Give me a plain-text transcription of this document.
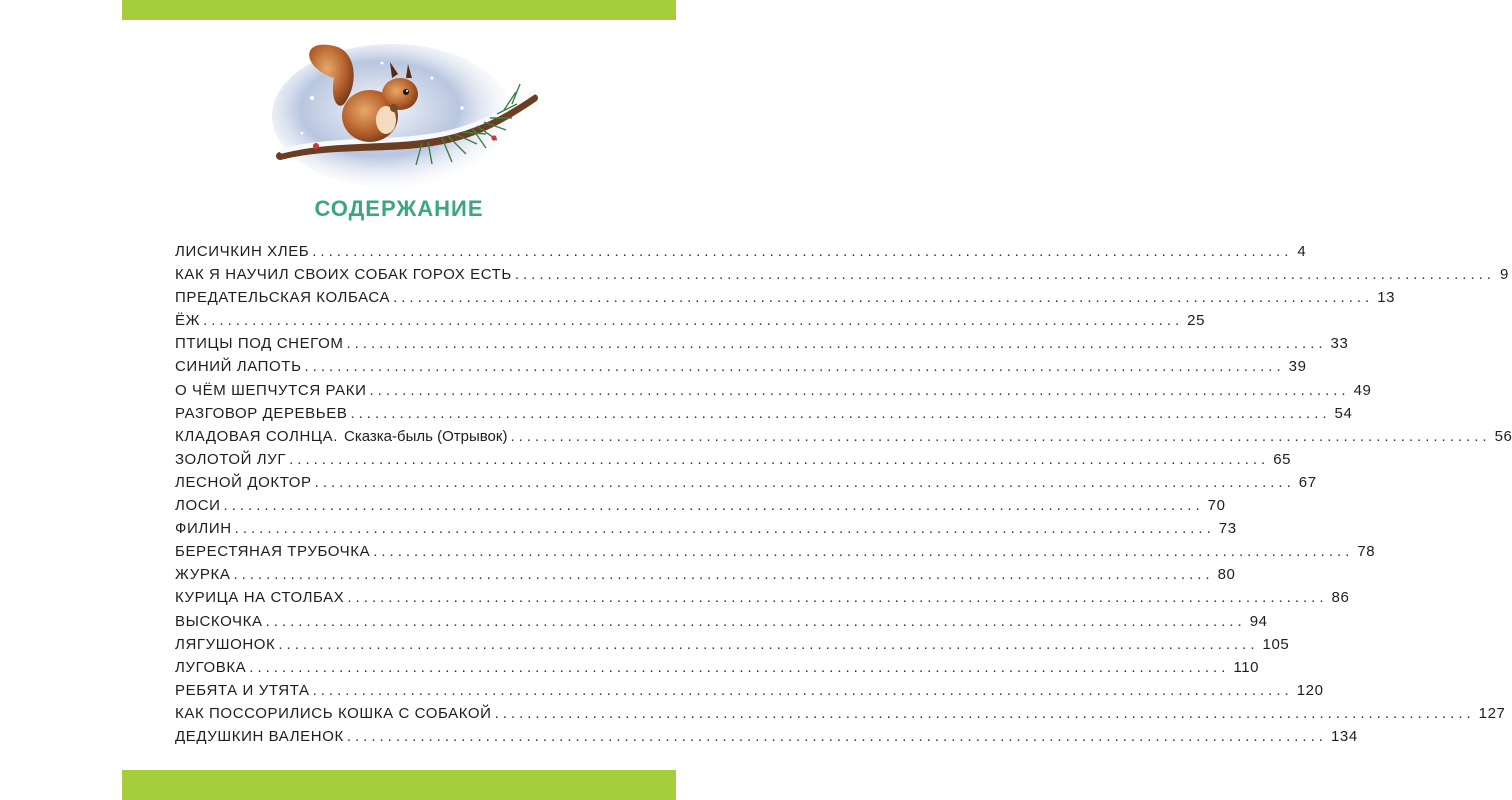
СОДЕРЖАНИЕ
ЛИСИЧКИН ХЛЕБ ........................................................................................................................ 4
КАК Я НАУЧИЛ СВОИХ СОБАК ГОРОХ ЕСТЬ ........................................................................................................................ 9
ПРЕДАТЕЛЬСКАЯ КОЛБАСА ........................................................................................................................ 13
ЁЖ ........................................................................................................................ 25
ПТИЦЫ ПОД СНЕГОМ ........................................................................................................................ 33
СИНИЙ ЛАПОТЬ ........................................................................................................................ 39
О ЧЁМ ШЕПЧУТСЯ РАКИ ........................................................................................................................ 49
РАЗГОВОР ДЕРЕВЬЕВ ........................................................................................................................ 54
КЛАДОВАЯ СОЛНЦА. Сказка-быль (Отрывок) ........................................................................................................................ 56
ЗОЛОТОЙ ЛУГ ........................................................................................................................ 65
ЛЕСНОЙ ДОКТОР ........................................................................................................................ 67
ЛОСИ ........................................................................................................................ 70
ФИЛИН ........................................................................................................................ 73
БЕРЕСТЯНАЯ ТРУБОЧКА ........................................................................................................................ 78
ЖУРКА ........................................................................................................................ 80
КУРИЦА НА СТОЛБАХ ........................................................................................................................ 86
ВЫСКОЧКА ........................................................................................................................ 94
ЛЯГУШОНОК ........................................................................................................................ 105
ЛУГОВКА ........................................................................................................................ 110
РЕБЯТА И УТЯТА ........................................................................................................................ 120
КАК ПОССОРИЛИСЬ КОШКА С СОБАКОЙ ........................................................................................................................ 127
ДЕДУШКИН ВАЛЕНОК ........................................................................................................................ 134
